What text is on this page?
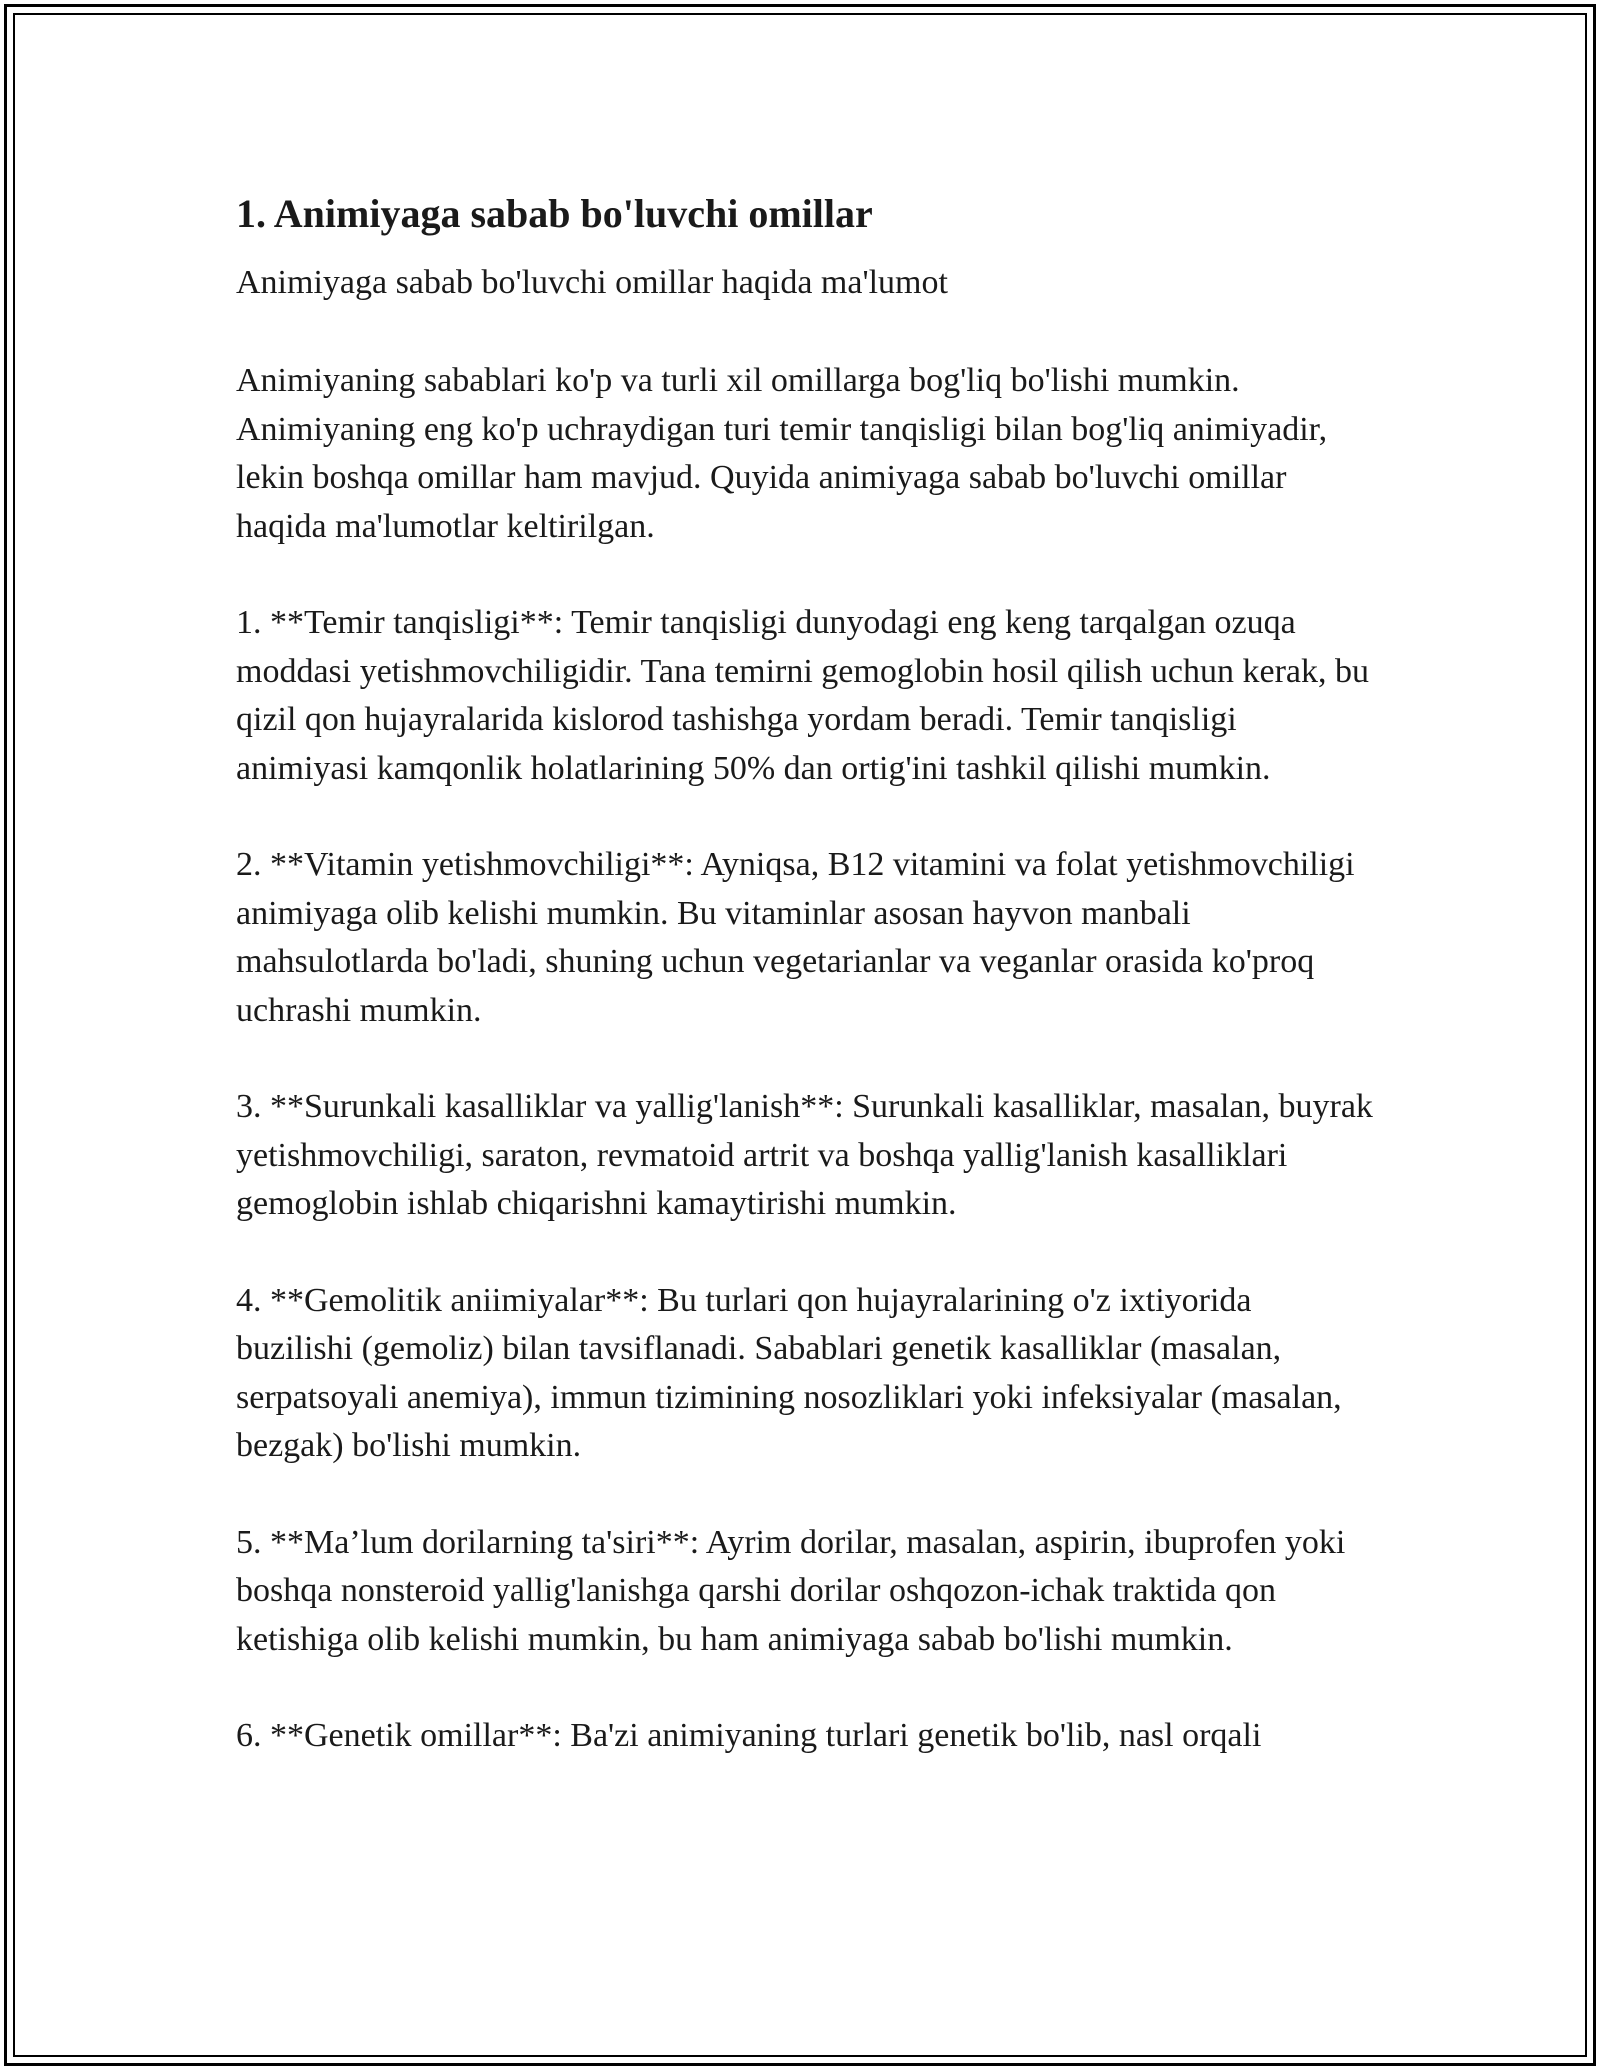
1. Animiyaga sabab bo'luvchi omillar

Animiyaga sabab bo'luvchi omillar haqida ma'lumot

Animiyaning sabablari ko'p va turli xil omillarga bog'liq bo'lishi mumkin. Animiyaning eng ko'p uchraydigan turi temir tanqisligi bilan bog'liq animiyadir, lekin boshqa omillar ham mavjud. Quyida animiyaga sabab bo'luvchi omillar haqida ma'lumotlar keltirilgan.

1. **Temir tanqisligi**: Temir tanqisligi dunyodagi eng keng tarqalgan ozuqa moddasi yetishmovchiligidir. Tana temirni gemoglobin hosil qilish uchun kerak, bu qizil qon hujayralarida kislorod tashishga yordam beradi. Temir tanqisligi animiyasi kamqonlik holatlarining 50% dan ortig'ini tashkil qilishi mumkin.

2. **Vitamin yetishmovchiligi**: Ayniqsa, B12 vitamini va folat yetishmovchiligi animiyaga olib kelishi mumkin. Bu vitaminlar asosan hayvon manbali mahsulotlarda bo'ladi, shuning uchun vegetarianlar va veganlar orasida ko'proq uchrashi mumkin.

3. **Surunkali kasalliklar va yallig'lanish**: Surunkali kasalliklar, masalan, buyrak yetishmovchiligi, saraton, revmatoid artrit va boshqa yallig'lanish kasalliklari gemoglobin ishlab chiqarishni kamaytirishi mumkin.

4. **Gemolitik aniimiyalar**: Bu turlari qon hujayralarining o'z ixtiyorida buzilishi (gemoliz) bilan tavsiflanadi. Sabablari genetik kasalliklar (masalan, serpatsoyali anemiya), immun tizimining nosozliklari yoki infeksiyalar (masalan, bezgak) bo'lishi mumkin.

5. **Ma’lum dorilarning ta'siri**: Ayrim dorilar, masalan, aspirin, ibuprofen yoki boshqa nonsteroid yallig'lanishga qarshi dorilar oshqozon-ichak traktida qon ketishiga olib kelishi mumkin, bu ham animiyaga sabab bo'lishi mumkin.

6. **Genetik omillar**: Ba'zi animiyaning turlari genetik bo'lib, nasl orqali
